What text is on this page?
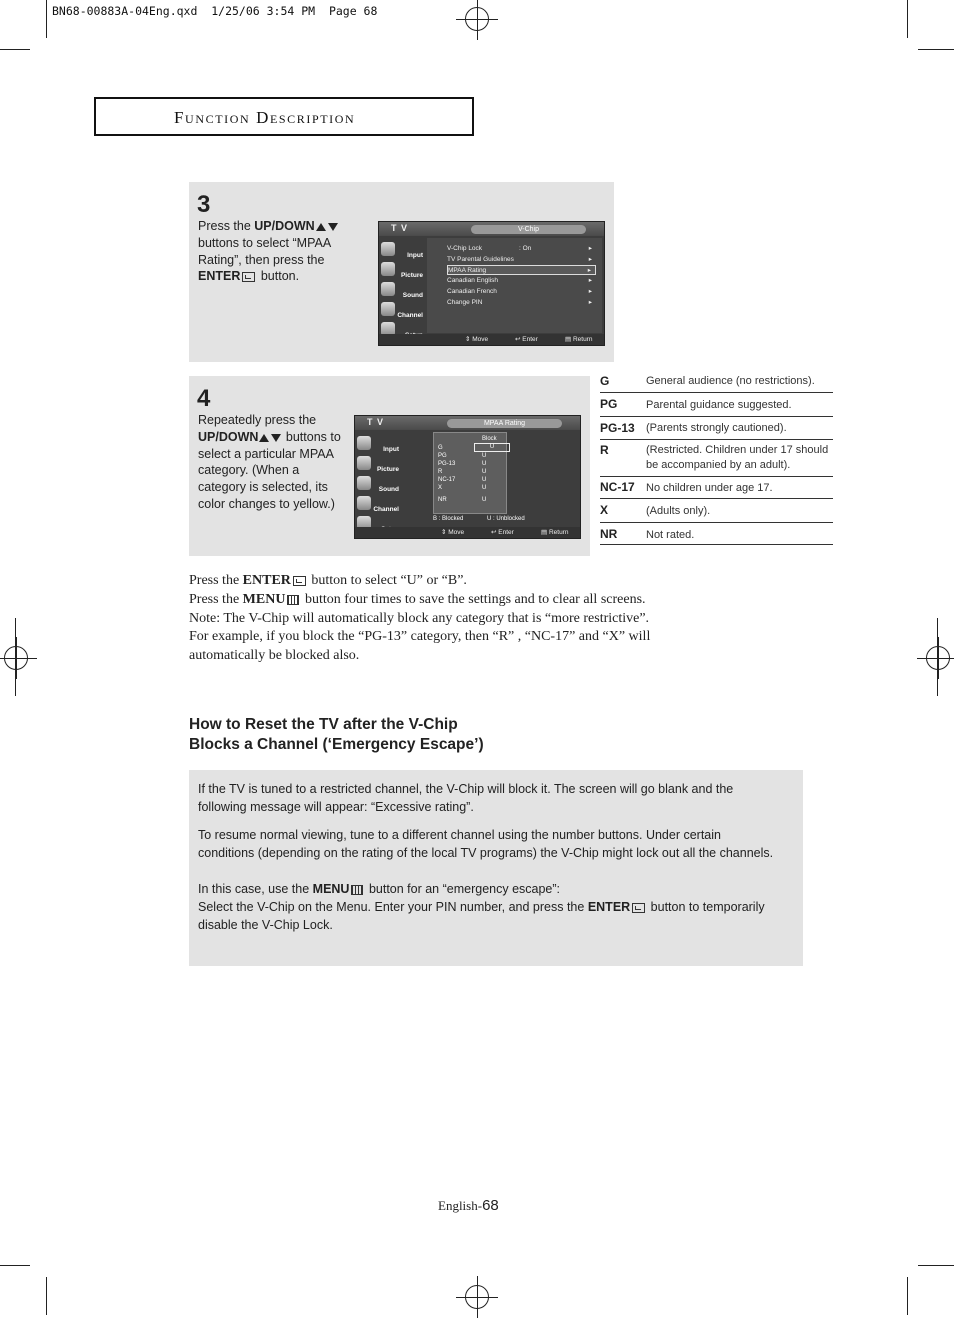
BN68-00883A-04Eng.qxd  1/25/06 3:54 PM  Page 68
Function Description
3
Press the UP/DOWN buttons to select “MPAA Rating”, then press the ENTER button.
T V	V-Chip
Input
Picture
Sound
Channel
V-Chip Lock	: On	▸
TV Parental Guidelines	▸
MPAA Rating	▸
Canadian English	▸
Canadian French	▸
Change PIN	▸
⇕ Move	↩ Enter	▤ Return
4
Repeatedly press the UP/DOWN buttons to select a particular MPAA category. (When a category is selected, its color changes to yellow.)
T V	MPAA Rating
Input
Picture
Sound
Channel
Block
G	U
PG	U
PG-13	U
R	U
NC-17	U
X	U
NR	U
B : Blocked	U : Unblocked
⇕ Move	↩ Enter	▤ Return
G	General audience (no restrictions).
PG	Parental guidance suggested.
PG-13 (Parents strongly cautioned).
R	(Restricted. Children under 17 should be accompanied by an adult).
NC-17 No children under age 17.
X	(Adults only).
NR	Not rated.
Press the ENTER button to select “U” or “B”.
Press the MENU button four times to save the settings and to clear all screens.
Note: The V-Chip will automatically block any category that is “more restrictive”.
For example, if you block the “PG-13” category, then “R” , “NC-17” and “X” will
automatically be blocked also.
How to Reset the TV after the V-Chip
Blocks a Channel (‘Emergency Escape’)
If the TV is tuned to a restricted channel, the V-Chip will block it. The screen will go blank and the following message will appear: “Excessive rating”.
To resume normal viewing, tune to a different channel using the number buttons. Under certain conditions (depending on the rating of the local TV programs) the V-Chip might lock out all the channels.
In this case, use the MENU button for an “emergency escape”:
Select the V-Chip on the Menu. Enter your PIN number, and press the ENTER button to temporarily disable the V-Chip Lock.
English-68
